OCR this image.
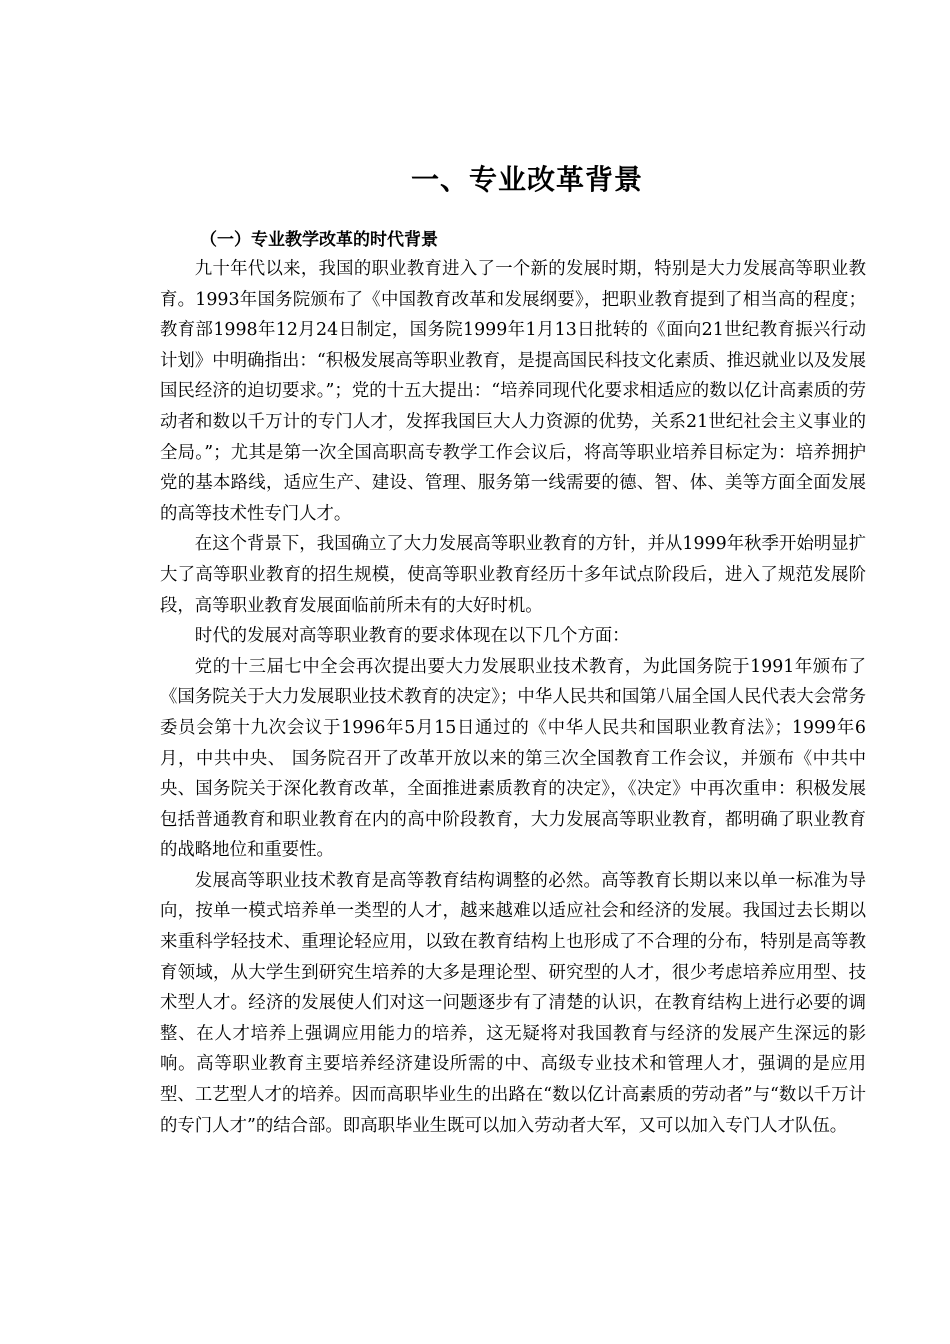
一、专业改革背景
（一）专业教学改革的时代背景

九十年代以来，我国的职业教育进入了一个新的发展时期，特别是大力发展高等职业教育。1993年国务院颁布了《中国教育改革和发展纲要》，把职业教育提到了相当高的程度；教育部1998年12月24日制定，国务院1999年1月13日批转的《面向21世纪教育振兴行动计划》中明确指出：“积极发展高等职业教育，是提高国民科技文化素质、推迟就业以及发展国民经济的迫切要求。”；党的十五大提出：“培养同现代化要求相适应的数以亿计高素质的劳动者和数以千万计的专门人才，发挥我国巨大人力资源的优势，关系21世纪社会主义事业的全局。”；尤其是第一次全国高职高专教学工作会议后，将高等职业培养目标定为：培养拥护党的基本路线，适应生产、建设、管理、服务第一线需要的德、智、体、美等方面全面发展的高等技术性专门人才。

在这个背景下，我国确立了大力发展高等职业教育的方针，并从1999年秋季开始明显扩大了高等职业教育的招生规模，使高等职业教育经历十多年试点阶段后，进入了规范发展阶段，高等职业教育发展面临前所未有的大好时机。

时代的发展对高等职业教育的要求体现在以下几个方面：

党的十三届七中全会再次提出要大力发展职业技术教育，为此国务院于1991年颁布了《国务院关于大力发展职业技术教育的决定》；中华人民共和国第八届全国人民代表大会常务委员会第十九次会议于1996年5月15日通过的《中华人民共和国职业教育法》；1999年6月，中共中央、 国务院召开了改革开放以来的第三次全国教育工作会议，并颁布《中共中央、国务院关于深化教育改革，全面推进素质教育的决定》，《决定》中再次重申：积极发展包括普通教育和职业教育在内的高中阶段教育，大力发展高等职业教育，都明确了职业教育的战略地位和重要性。

发展高等职业技术教育是高等教育结构调整的必然。高等教育长期以来以单一标准为导向，按单一模式培养单一类型的人才，越来越难以适应社会和经济的发展。我国过去长期以来重科学轻技术、重理论轻应用，以致在教育结构上也形成了不合理的分布，特别是高等教育领域，从大学生到研究生培养的大多是理论型、研究型的人才，很少考虑培养应用型、技术型人才。经济的发展使人们对这一问题逐步有了清楚的认识，在教育结构上进行必要的调整、在人才培养上强调应用能力的培养，这无疑将对我国教育与经济的发展产生深远的影响。高等职业教育主要培养经济建设所需的中、高级专业技术和管理人才，强调的是应用型、工艺型人才的培养。因而高职毕业生的出路在“数以亿计高素质的劳动者”与“数以千万计的专门人才”的结合部。即高职毕业生既可以加入劳动者大军，又可以加入专门人才队伍。
